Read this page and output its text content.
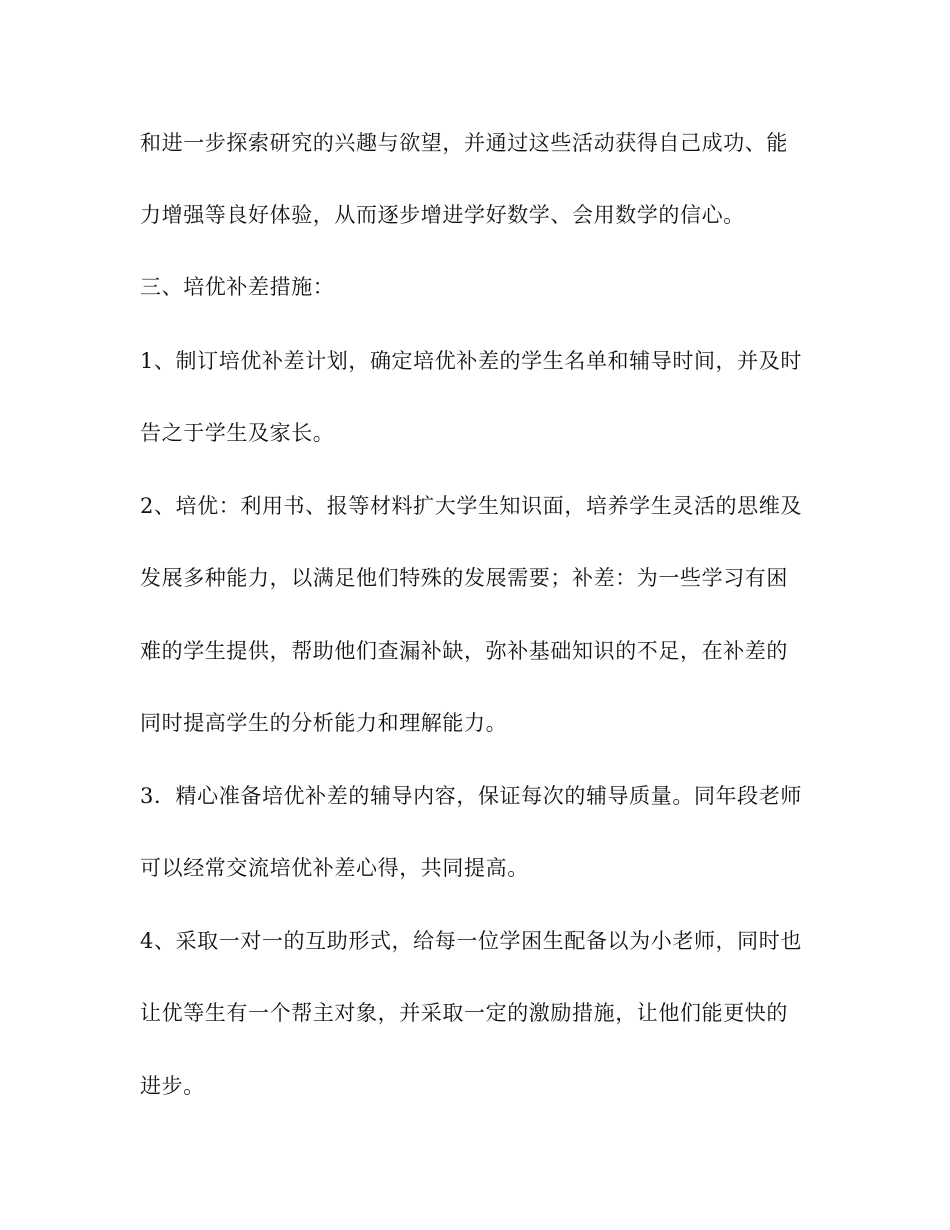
和进一步探索研究的兴趣与欲望，并通过这些活动获得自己成功、能
力增强等良好体验，从而逐步增进学好数学、会用数学的信心。
三、培优补差措施：
1、制订培优补差计划，确定培优补差的学生名单和辅导时间，并及时
告之于学生及家长。
2、培优：利用书、报等材料扩大学生知识面，培养学生灵活的思维及
发展多种能力，以满足他们特殊的发展需要；补差：为一些学习有困
难的学生提供，帮助他们查漏补缺，弥补基础知识的不足，在补差的
同时提高学生的分析能力和理解能力。
3．精心准备培优补差的辅导内容，保证每次的辅导质量。同年段老师
可以经常交流培优补差心得，共同提高。
4、采取一对一的互助形式，给每一位学困生配备以为小老师，同时也
让优等生有一个帮主对象，并采取一定的激励措施，让他们能更快的
进步。
